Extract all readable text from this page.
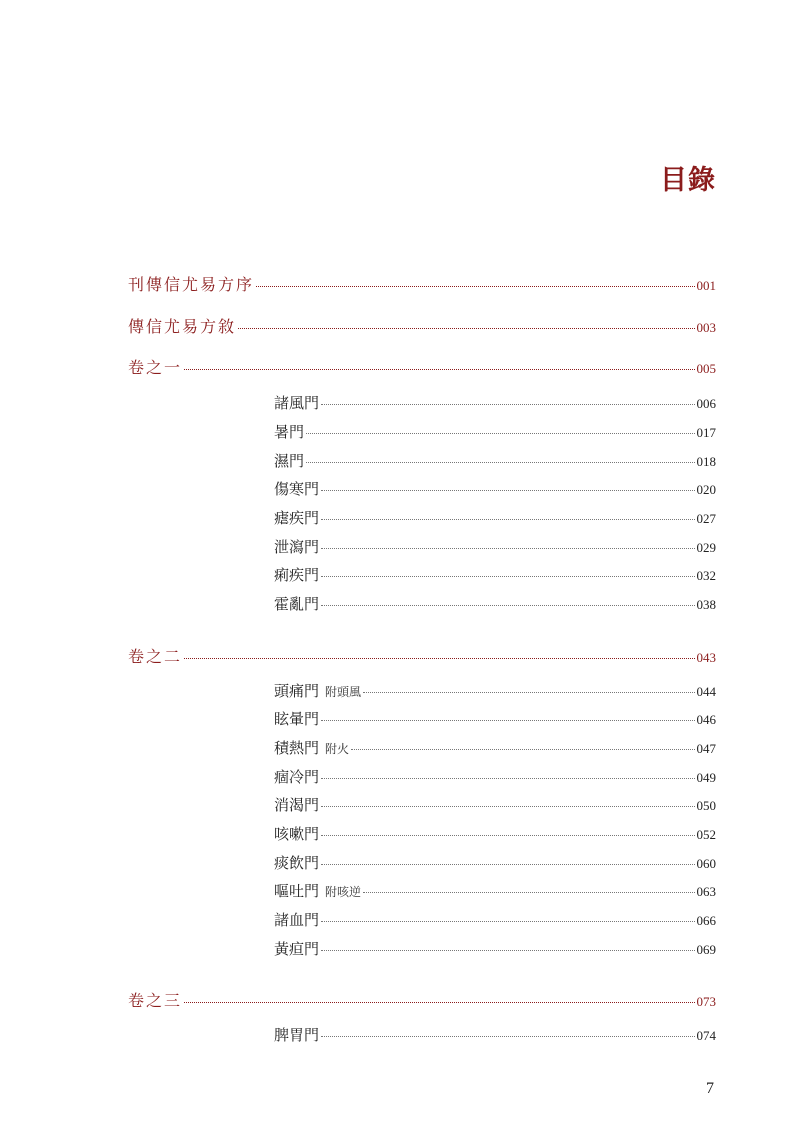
目錄
刊傳信尤易方序	001
傳信尤易方敘	003
卷之一	005
諸風門	006
暑門	017
濕門	018
傷寒門	020
瘧疾門	027
泄瀉門	029
痢疾門	032
霍亂門	038
卷之二	043
頭痛門 附頭風	044
眩暈門	046
積熱門 附火	047
痼冷門	049
消渴門	050
咳嗽門	052
痰飲門	060
嘔吐門 附咳逆	063
諸血門	066
黃疸門	069
卷之三	073
脾胃門	074
7
